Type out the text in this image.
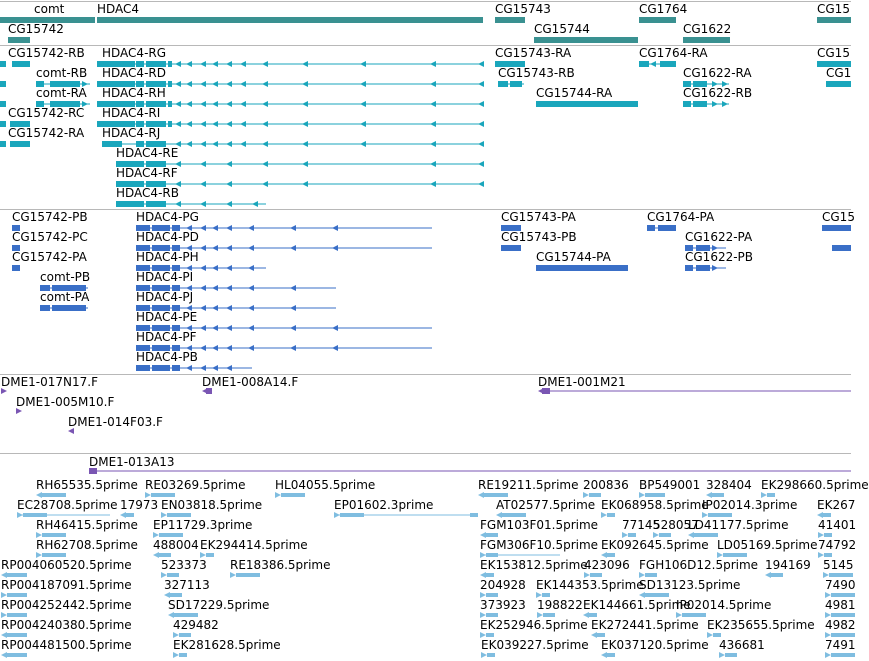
comt	HDAC4	CG15743	CG1764	CG15
CG15742	CG15744	CG1622
CG15742-RB HDAC4-RG	CG15743-RA	CG1764-RA	CG15
comt-RB HDAC4-RD	CG15743-RB	CG1622-RA	CG1
comt-RA HDAC4-RH	CG15744-RA	CG1622-RB
CG15742-RC HDAC4-RI
CG15742-RA HDAC4-RJ
HDAC4-RE
HDAC4-RF
HDAC4-RB
CG15742-PB	HDAC4-PG	CG15743-PA	CG1764-PA	CG15
CG15742-PC	HDAC4-PD	CG15743-PB	CG1622-PA
CG15742-PA	HDAC4-PH	CG15744-PA	CG1622-PB
comt-PB	HDAC4-PI
comt-PA	HDAC4-PJ
HDAC4-PE
HDAC4-PF
HDAC4-PB
DME1-017N17.F	DME1-008A14.F	DME1-001M21
DME1-005M10.F
DME1-014F03.F
DME1-013A13
RH65535.5prime RE03269.5prime HL04055.5prime	RE19211.5prime 200836 BP549001 328404 EK298660.5prime
EC28708.5prime 17973 EN03818.5prime	EP01602.3prime	AT02577.5prime EK068958.5prime
IP02014.3prime EK267
RH46415.5prime EP11729.3prime	FGM103F01.5prime 77145
528057
LD41177.5prime 41401
RH62708.5prime 488004 EK294414.5prime	FGM306F10.5prime EK092645.5prime LD05169.5prime 74792
RP004060520.5prime 523373 RE18386.5prime	EK153812.5prime
423096 FGH106D12.5prime 194169 5145
RP004187091.5prime	327113	204928 EK144353.5prime
SD13123.5prime	7490
RP004252442.5prime	SD17229.5prime	373923 198822 EK144661.5prime
IP02014.5prime	4981
RP004240380.5prime	429482	EK252946.5prime EK272441.5prime EK235655.5prime 4982
RP004481500.5prime	EK281628.5prime	EK039227.5prime EK037120.5prime 436681	7491
